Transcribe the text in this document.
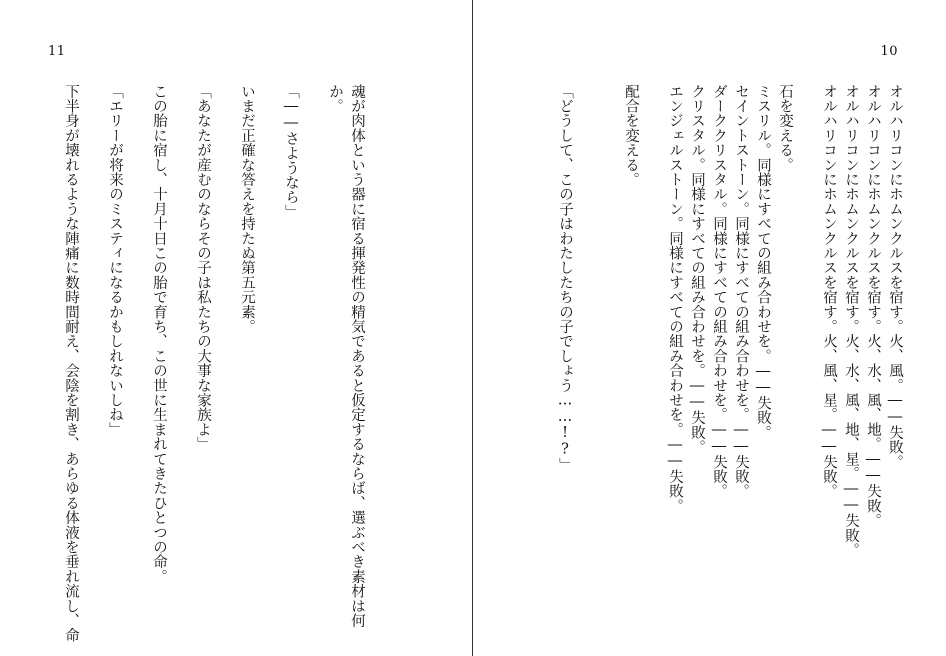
11
魂が肉体という器に宿る揮発性の精気であると仮定するならば、選ぶべき素材は何
か。

「――さようなら」

いまだ正確な答えを持たぬ第五元素。

「あなたが産むのならその子は私たちの大事な家族よ」

この胎に宿し、十月十日この胎で育ち、この世に生まれてきたひとつの命。

「エリーが将来のミスティになるかもしれないしね」

下半身が壊れるような陣痛に数時間耐え、会陰を割き、あらゆる体液を垂れ流し、命
10
オルハリコンにホムンクルスを宿す。火、風。――失敗。
オルハリコンにホムンクルスを宿す。火、水、風、地。――失敗。
オルハリコンにホムンクルスを宿す。火、水、風、地、星。――失敗。
オルハリコンにホムンクルスを宿す。火、風、星。――失敗。

石を変える。
ミスリル。同様にすべての組み合わせを。――失敗。
セイントストーン。同様にすべての組み合わせを。――失敗。
ダーククリスタル。同様にすべての組み合わせを。――失敗。
クリスタル。同様にすべての組み合わせを。――失敗。
エンジェルストーン。同様にすべての組み合わせを。――失敗。

配合を変える。

「どうして、この子はわたしたちの子でしょう……!?」
